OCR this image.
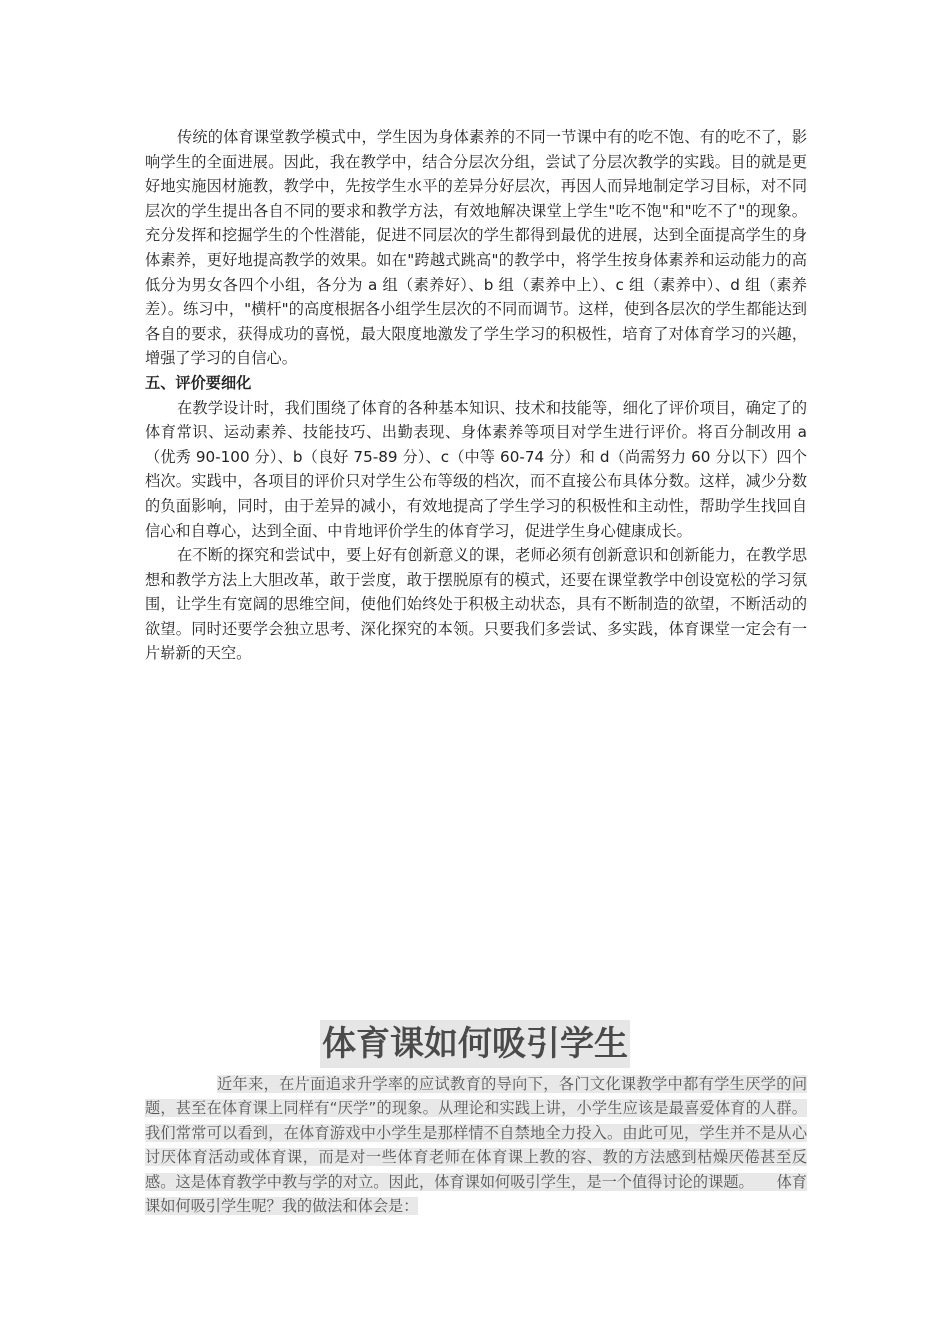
传统的体育课堂教学模式中，学生因为身体素养的不同一节课中有的吃不饱、有的吃不了，影响学生的全面进展。因此，我在教学中，结合分层次分组，尝试了分层次教学的实践。目的就是更好地实施因材施教，教学中，先按学生水平的差异分好层次，再因人而异地制定学习目标，对不同层次的学生提出各自不同的要求和教学方法，有效地解决课堂上学生"吃不饱"和"吃不了"的现象。充分发挥和挖掘学生的个性潜能，促进不同层次的学生都得到最优的进展，达到全面提高学生的身体素养，更好地提高教学的效果。如在"跨越式跳高"的教学中，将学生按身体素养和运动能力的高低分为男女各四个小组，各分为 a 组（素养好）、b 组（素养中上）、c 组（素养中）、d 组（素养差）。练习中，"横杆"的高度根据各小组学生层次的不同而调节。这样，使到各层次的学生都能达到各自的要求，获得成功的喜悦，最大限度地激发了学生学习的积极性，培育了对体育学习的兴趣，增强了学习的自信心。

五、评价要细化

在教学设计时，我们围绕了体育的各种基本知识、技术和技能等，细化了评价项目，确定了的体育常识、运动素养、技能技巧、出勤表现、身体素养等项目对学生进行评价。将百分制改用 a（优秀 90-100 分）、b（良好 75-89 分）、c（中等 60-74 分）和 d（尚需努力 60 分以下）四个档次。实践中，各项目的评价只对学生公布等级的档次，而不直接公布具体分数。这样，减少分数的负面影响，同时，由于差异的减小，有效地提高了学生学习的积极性和主动性，帮助学生找回自信心和自尊心，达到全面、中肯地评价学生的体育学习，促进学生身心健康成长。

在不断的探究和尝试中，要上好有创新意义的课，老师必须有创新意识和创新能力，在教学思想和教学方法上大胆改革，敢于尝度，敢于摆脱原有的模式，还要在课堂教学中创设宽松的学习氛围，让学生有宽阔的思维空间，使他们始终处于积极主动状态，具有不断制造的欲望，不断活动的欲望。同时还要学会独立思考、深化探究的本领。只要我们多尝试、多实践，体育课堂一定会有一片崭新的天空。

体育课如何吸引学生

近年来，在片面追求升学率的应试教育的导向下，各门文化课教学中都有学生厌学的问题，甚至在体育课上同样有“厌学”的现象。从理论和实践上讲，小学生应该是最喜爱体育的人群。我们常常可以看到，在体育游戏中小学生是那样情不自禁地全力投入。由此可见，学生并不是从心讨厌体育活动或体育课，而是对一些体育老师在体育课上教的容、教的方法感到枯燥厌倦甚至反感。这是体育教学中教与学的对立。因此，体育课如何吸引学生，是一个值得讨论的课题。　　体育课如何吸引学生呢？我的做法和体会是：
